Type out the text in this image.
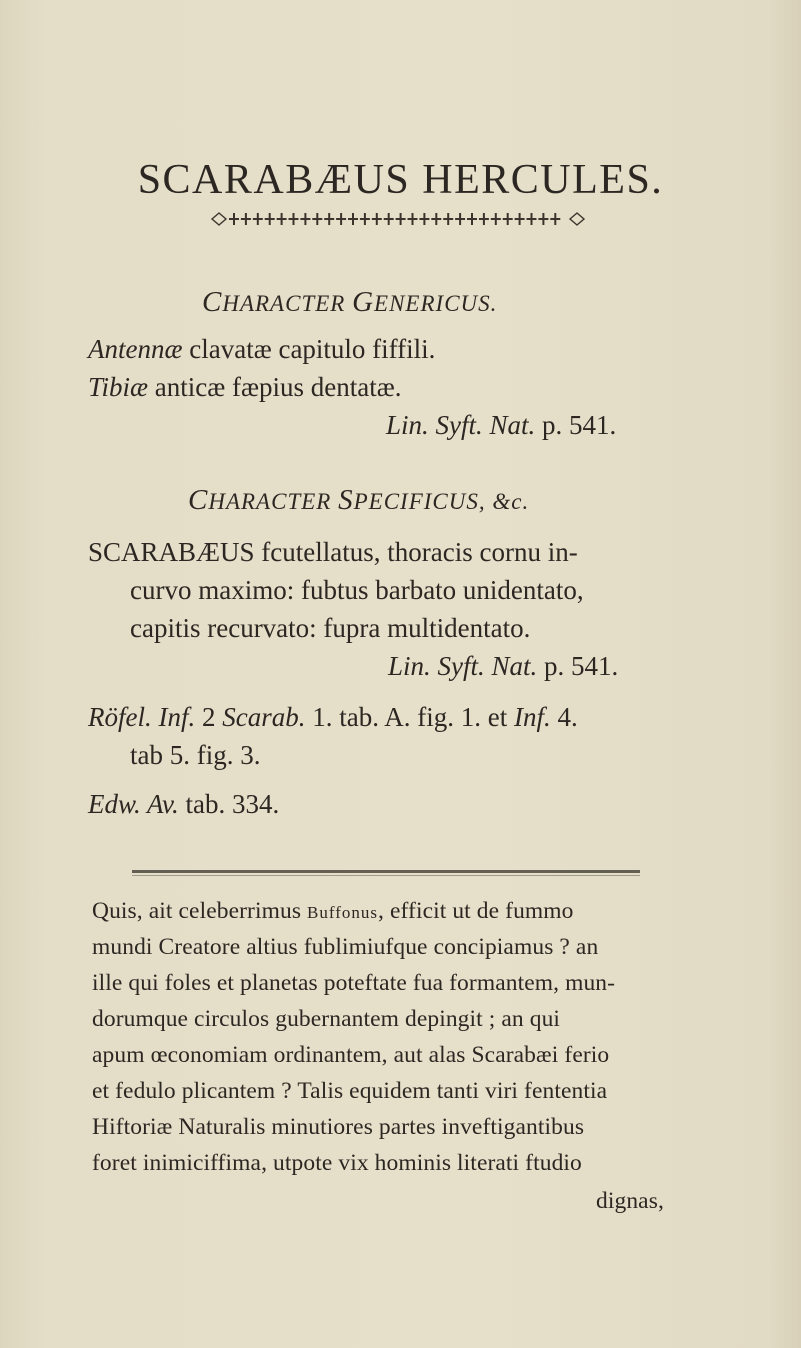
SCARABÆUS HERCULES.
CHARACTER GENERICUS.
Antennæ clavatæ capitulo fiffili.
Tibiæ anticæ fæpius dentatæ.
Lin. Syft. Nat. p. 541.
CHARACTER SPECIFICUS, &c.
SCARABÆUS fcutellatus, thoracis cornu in-
curvo maximo: fubtus barbato unidentato,
capitis recurvato: fupra multidentato.
Lin. Syft. Nat. p. 541.
Röfel. Inf. 2 Scarab. 1. tab. A. fig. 1. et Inf. 4.
tab 5. fig. 3.
Edw. Av. tab. 334.
Quis, ait celeberrimus Buffonus, efficit ut de fummo
mundi Creatore altius fublimiufque concipiamus ? an
ille qui foles et planetas poteftate fua formantem, mun-
dorumque circulos gubernantem depingit ; an qui
apum œconomiam ordinantem, aut alas Scarabæi ferio
et fedulo plicantem ? Talis equidem tanti viri fententia
Hiftoriæ Naturalis minutiores partes inveftigantibus
foret inimiciffima, utpote vix hominis literati ftudio
dignas,
